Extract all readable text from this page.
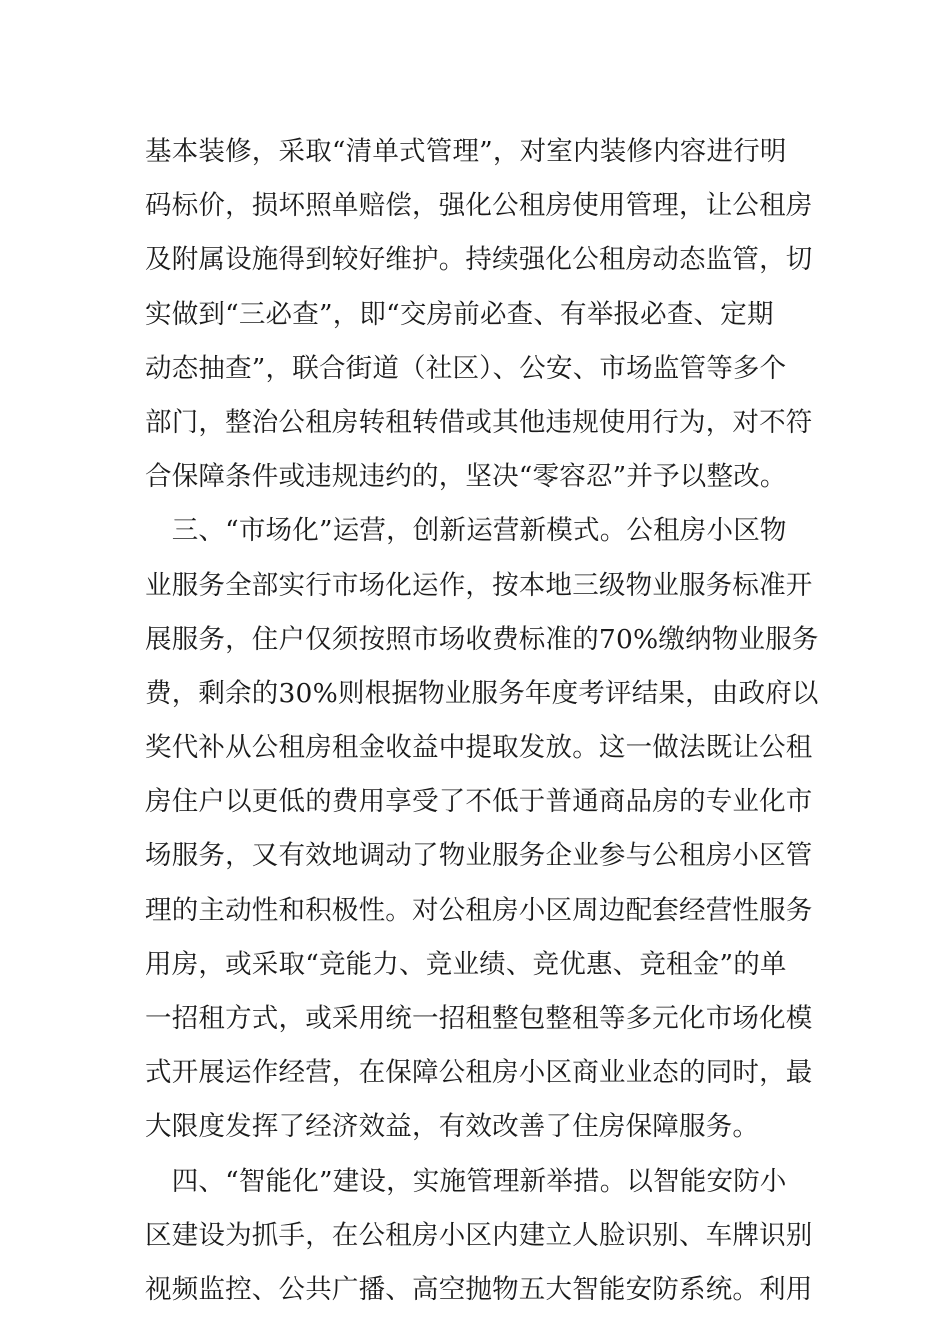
基本装修，采取“清单式管理”，对室内装修内容进行明
码标价，损坏照单赔偿，强化公租房使用管理，让公租房
及附属设施得到较好维护。持续强化公租房动态监管，切
实做到“三必查”，即“交房前必查、有举报必查、定期
动态抽查”，联合街道（社区）、公安、市场监管等多个
部门，整治公租房转租转借或其他违规使用行为，对不符
合保障条件或违规违约的，坚决“零容忍”并予以整改。
　三、“市场化”运营，创新运营新模式。公租房小区物
业服务全部实行市场化运作，按本地三级物业服务标准开
展服务，住户仅须按照市场收费标准的70%缴纳物业服务
费，剩余的30%则根据物业服务年度考评结果，由政府以
奖代补从公租房租金收益中提取发放。这一做法既让公租
房住户以更低的费用享受了不低于普通商品房的专业化市
场服务，又有效地调动了物业服务企业参与公租房小区管
理的主动性和积极性。对公租房小区周边配套经营性服务
用房，或采取“竞能力、竞业绩、竞优惠、竞租金”的单
一招租方式，或采用统一招租整包整租等多元化市场化模
式开展运作经营，在保障公租房小区商业业态的同时，最
大限度发挥了经济效益，有效改善了住房保障服务。
　四、“智能化”建设，实施管理新举措。以智能安防小
区建设为抓手，在公租房小区内建立人脸识别、车牌识别
视频监控、公共广播、高空抛物五大智能安防系统。利用
